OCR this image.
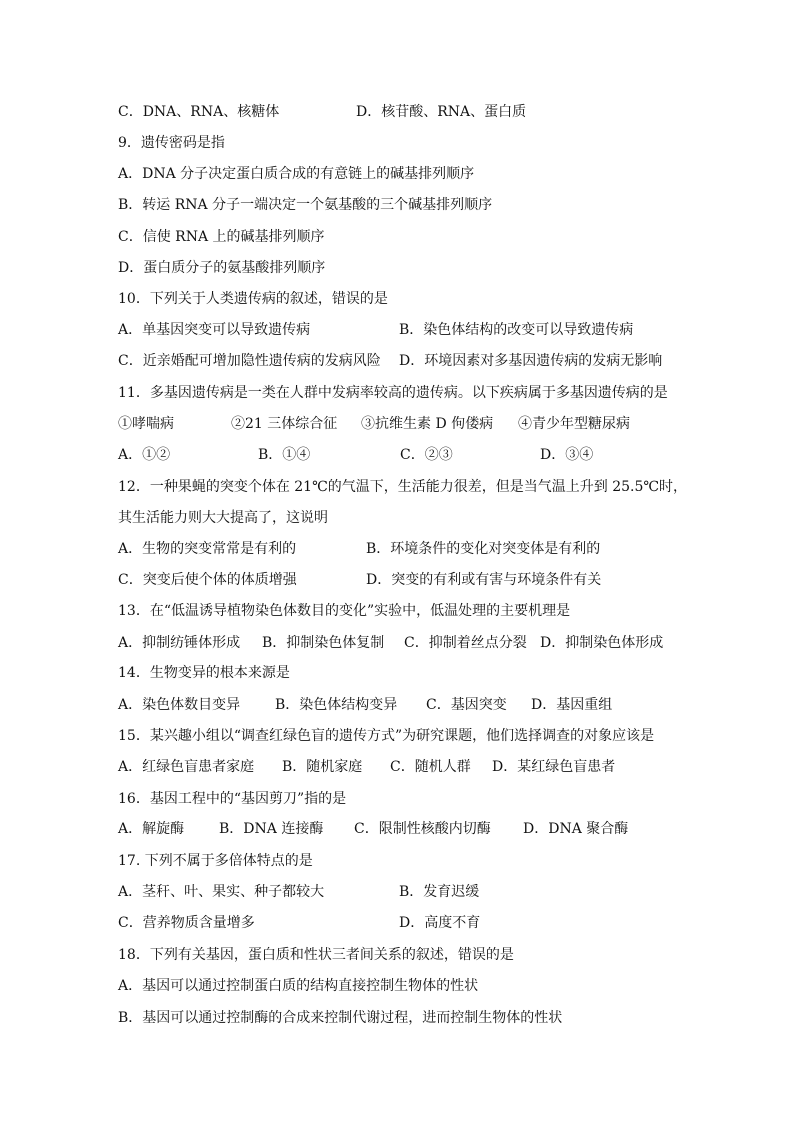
C．DNA、RNA、核糖体	D．核苷酸、RNA、蛋白质
9．遗传密码是指
A．DNA 分子决定蛋白质合成的有意链上的碱基排列顺序
B．转运 RNA 分子一端决定一个氨基酸的三个碱基排列顺序
C．信使 RNA 上的碱基排列顺序
D．蛋白质分子的氨基酸排列顺序
10．下列关于人类遗传病的叙述，错误的是
A．单基因突变可以导致遗传病	B．染色体结构的改变可以导致遗传病
C．近亲婚配可增加隐性遗传病的发病风险 D．环境因素对多基因遗传病的发病无影响
11．多基因遗传病是一类在人群中发病率较高的遗传病。以下疾病属于多基因遗传病的是
①哮喘病	②21 三体综合征 ③抗维生素 D 佝偻病 ④青少年型糖尿病
A．①②	B．①④	C．②③	D．③④
12．一种果蝇的突变个体在 21℃的气温下，生活能力很差，但是当气温上升到 25.5℃时，
其生活能力则大大提高了，这说明
A．生物的突变常常是有利的	B．环境条件的变化对突变体是有利的
C．突变后使个体的体质增强	D．突变的有利或有害与环境条件有关
13．在“低温诱导植物染色体数目的变化”实验中，低温处理的主要机理是
A．抑制纺锤体形成 B．抑制染色体复制 C．抑制着丝点分裂 D．抑制染色体形成
14．生物变异的根本来源是
A．染色体数目变异 B．染色体结构变异 C．基因突变 D．基因重组
15．某兴趣小组以“调查红绿色盲的遗传方式”为研究课题，他们选择调查的对象应该是
A．红绿色盲患者家庭 B．随机家庭 C．随机人群 D．某红绿色盲患者
16．基因工程中的“基因剪刀”指的是
A．解旋酶 B．DNA 连接酶 C．限制性核酸内切酶 D．DNA 聚合酶
17. 下列不属于多倍体特点的是
A．茎秆、叶、果实、种子都较大	B．发育迟缓
C．营养物质含量增多	D．高度不育
18．下列有关基因，蛋白质和性状三者间关系的叙述，错误的是
A．基因可以通过控制蛋白质的结构直接控制生物体的性状
B．基因可以通过控制酶的合成来控制代谢过程，进而控制生物体的性状
